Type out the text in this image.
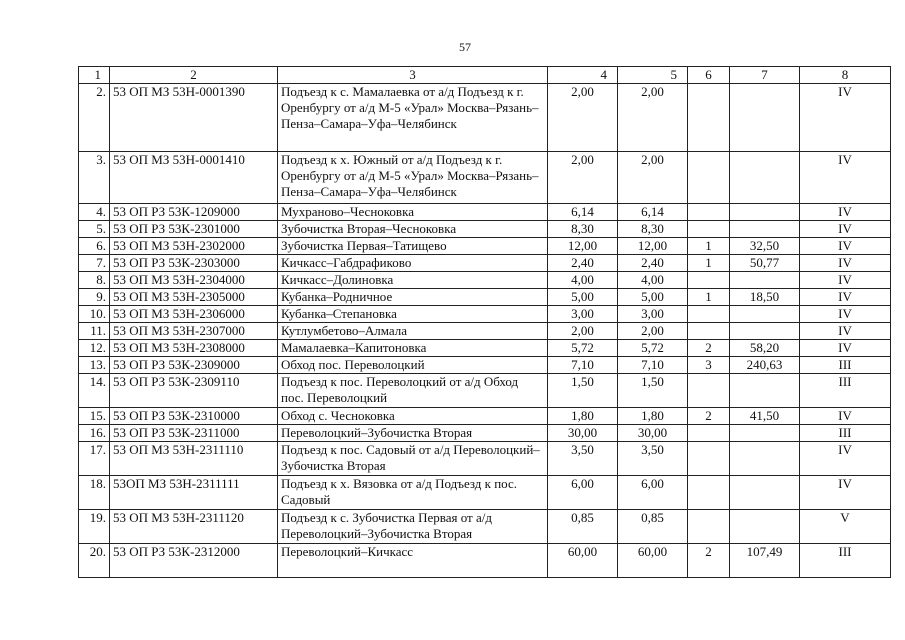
57
1	2	3	4	5	6	7	8
2.	53 ОП МЗ 53Н-0001390	Подъезд к с. Мамалаевка от а/д Подъезд к г. Оренбургу от а/д М-5 «Урал» Москва–Рязань–Пенза–Самара–Уфа–Челябинск	2,00	2,00			IV
3.	53 ОП МЗ 53Н-0001410	Подъезд к х. Южный от а/д Подъезд к г. Оренбургу от а/д М-5 «Урал» Москва–Рязань–Пенза–Самара–Уфа–Челябинск	2,00	2,00			IV
4.	53 ОП РЗ 53К-1209000	Мухраново–Чесноковка	6,14	6,14			IV
5.	53 ОП РЗ 53К-2301000	Зубочистка Вторая–Чесноковка	8,30	8,30			IV
6.	53 ОП МЗ 53Н-2302000	Зубочистка Первая–Татищево	12,00	12,00	1	32,50	IV
7.	53 ОП РЗ 53К-2303000	Кичкасс–Габдрафиково	2,40	2,40	1	50,77	IV
8.	53 ОП МЗ 53Н-2304000	Кичкасс–Долиновка	4,00	4,00			IV
9.	53 ОП МЗ 53Н-2305000	Кубанка–Родничное	5,00	5,00	1	18,50	IV
10.	53 ОП МЗ 53Н-2306000	Кубанка–Степановка	3,00	3,00			IV
11.	53 ОП МЗ 53Н-2307000	Кутлумбетово–Алмала	2,00	2,00			IV
12.	53 ОП МЗ 53Н-2308000	Мамалаевка–Капитоновка	5,72	5,72	2	58,20	IV
13.	53 ОП РЗ 53К-2309000	Обход пос. Переволоцкий	7,10	7,10	3	240,63	III
14.	53 ОП РЗ 53К-2309110	Подъезд к пос. Переволоцкий от а/д Обход пос. Переволоцкий	1,50	1,50			III
15.	53 ОП РЗ 53К-2310000	Обход с. Чесноковка	1,80	1,80	2	41,50	IV
16.	53 ОП РЗ 53К-2311000	Переволоцкий–Зубочистка Вторая	30,00	30,00			III
17.	53 ОП МЗ 53Н-2311110	Подъезд к пос. Садовый от а/д Переволоцкий–Зубочистка Вторая	3,50	3,50			IV
18.	53ОП МЗ 53Н-2311111	Подъезд к х. Вязовка от а/д Подъезд к пос. Садовый	6,00	6,00			IV
19.	53 ОП МЗ 53Н-2311120	Подъезд к с. Зубочистка Первая от а/д Переволоцкий–Зубочистка Вторая	0,85	0,85			V
20.	53 ОП РЗ 53К-2312000	Переволоцкий–Кичкасс	60,00	60,00	2	107,49	III
